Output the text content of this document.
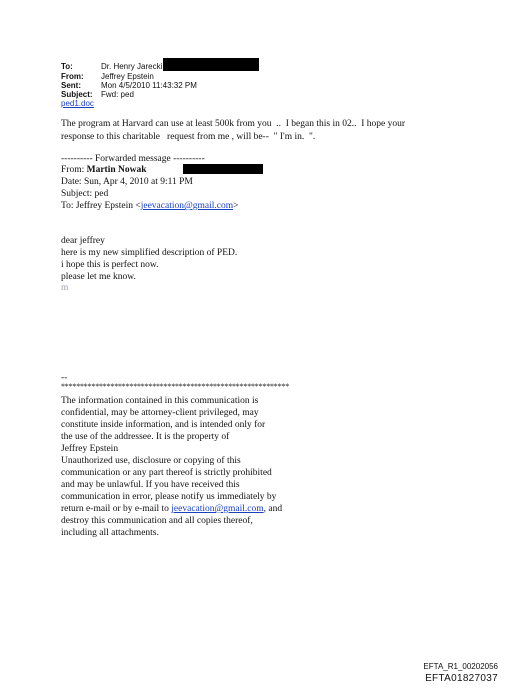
To:	Dr. Henry Jarecki
From: Jeffrey Epstein
Sent:	Mon 4/5/2010 11:43:32 PM
Subject: Fwd: ped
ped1.doc
The program at Harvard can use at least 500k from you  ..  I began this in 02..  I hope your
response to this charitable   request from me , will be--  " I'm in.  ".
---------- Forwarded message ----------
From: Martin Nowak
Date: Sun, Apr 4, 2010 at 9:11 PM
Subject: ped
To: Jeffrey Epstein <jeevacation@gmail.com>
dear jeffrey
here is my new simplified description of PED.
i hope this is perfect now.
please let me know.
m
--
************************************************************
The information contained in this communication is
confidential, may be attorney-client privileged, may
constitute inside information, and is intended only for
the use of the addressee. It is the property of
Jeffrey Epstein
Unauthorized use, disclosure or copying of this
communication or any part thereof is strictly prohibited
and may be unlawful. If you have received this
communication in error, please notify us immediately by
return e-mail or by e-mail to jeevacation@gmail.com, and
destroy this communication and all copies thereof,
including all attachments.
EFTA_R1_00202056
EFTA01827037
